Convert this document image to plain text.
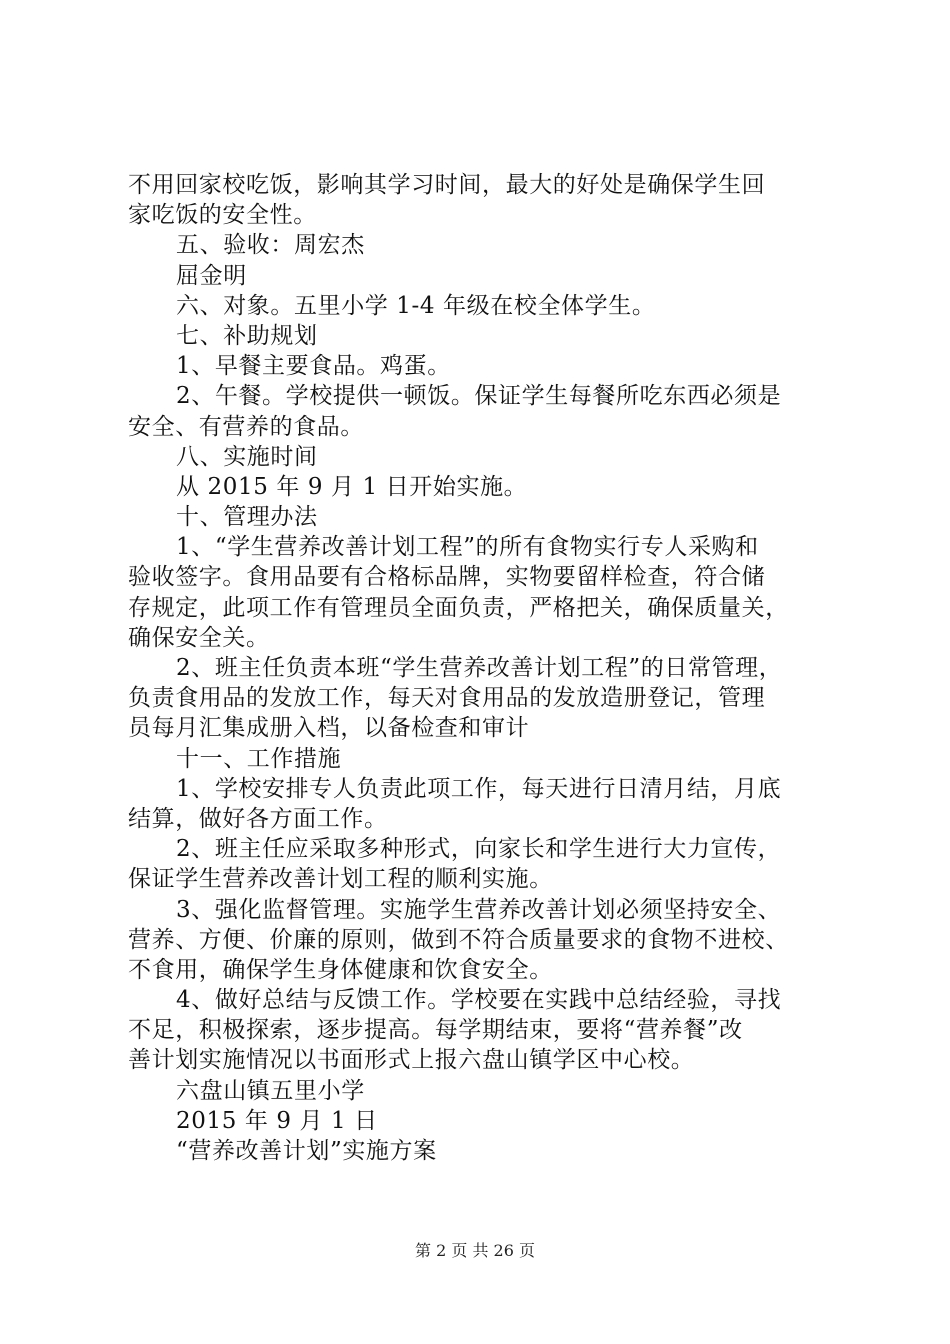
不用回家校吃饭，影响其学习时间，最大的好处是确保学生回
家吃饭的安全性。
五、验收：周宏杰
屈金明
六、对象。五里小学 1-4 年级在校全体学生。
七、补助规划
1、早餐主要食品。鸡蛋。
2、午餐。学校提供一顿饭。保证学生每餐所吃东西必须是
安全、有营养的食品。
八、实施时间
从 2015 年 9 月 1 日开始实施。
十、管理办法
1、“学生营养改善计划工程”的所有食物实行专人采购和
验收签字。食用品要有合格标品牌，实物要留样检查，符合储
存规定，此项工作有管理员全面负责，严格把关，确保质量关，
确保安全关。
2、班主任负责本班“学生营养改善计划工程”的日常管理，
负责食用品的发放工作，每天对食用品的发放造册登记，管理
员每月汇集成册入档，以备检查和审计
十一、工作措施
1、学校安排专人负责此项工作，每天进行日清月结，月底
结算，做好各方面工作。
2、班主任应采取多种形式，向家长和学生进行大力宣传，
保证学生营养改善计划工程的顺利实施。
3、强化监督管理。实施学生营养改善计划必须坚持安全、
营养、方便、价廉的原则，做到不符合质量要求的食物不进校、
不食用，确保学生身体健康和饮食安全。
4、做好总结与反馈工作。学校要在实践中总结经验，寻找
不足，积极探索，逐步提高。每学期结束，要将“营养餐”改
善计划实施情况以书面形式上报六盘山镇学区中心校。
六盘山镇五里小学
2015 年 9 月 1 日
“营养改善计划”实施方案
第 2 页 共 26 页
